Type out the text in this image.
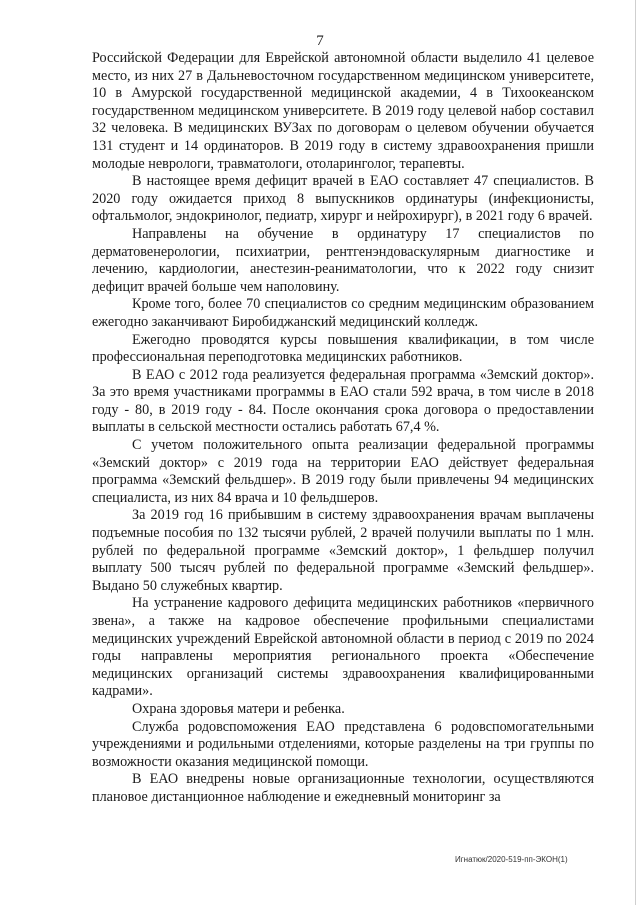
7

Российской Федерации для Еврейской автономной области выделило 41 целевое место, из них 27 в Дальневосточном государственном медицинском университете, 10 в Амурской государственной медицинской академии, 4 в Тихоокеанском государственном медицинском университете. В 2019 году целевой набор составил 32 человека. В медицинских ВУЗах по договорам о целевом обучении обучается 131 студент и 14 ординаторов. В 2019 году в систему здравоохранения пришли молодые неврологи, травматологи, отоларинголог, терапевты.

В настоящее время дефицит врачей в ЕАО составляет 47 специалистов. В 2020 году ожидается приход 8 выпускников ординатуры (инфекционисты, офтальмолог, эндокринолог, педиатр, хирург и нейрохирург), в 2021 году 6 врачей.

Направлены на обучение в ординатуру 17 специалистов по дерматовенерологии, психиатрии, рентгенэндоваскулярным диагностике и лечению, кардиологии, анестезин-реаниматологии, что к 2022 году снизит дефицит врачей больше чем наполовину.

Кроме того, более 70 специалистов со средним медицинским образованием ежегодно заканчивают Биробиджанский медицинский колледж.

Ежегодно проводятся курсы повышения квалификации, в том числе профессиональная переподготовка медицинских работников.

В ЕАО с 2012 года реализуется федеральная программа «Земский доктор». За это время участниками программы в ЕАО стали 592 врача, в том числе в 2018 году - 80, в 2019 году - 84. После окончания срока договора о предоставлении выплаты в сельской местности остались работать 67,4 %.

С учетом положительного опыта реализации федеральной программы «Земский доктор» с 2019 года на территории ЕАО действует федеральная программа «Земский фельдшер». В 2019 году были привлечены 94 медицинских специалиста, из них 84 врача и 10 фельдшеров.

За 2019 год 16 прибывшим в систему здравоохранения врачам выплачены подъемные пособия по 132 тысячи рублей, 2 врачей получили выплаты по 1 млн. рублей по федеральной программе «Земский доктор», 1 фельдшер получил выплату 500 тысяч рублей по федеральной программе «Земский фельдшер». Выдано 50 служебных квартир.

На устранение кадрового дефицита медицинских работников «первичного звена», а также на кадровое обеспечение профильными специалистами медицинских учреждений Еврейской автономной области в период с 2019 по 2024 годы направлены мероприятия регионального проекта «Обеспечение медицинских организаций системы здравоохранения квалифицированными кадрами».

Охрана здоровья матери и ребенка.

Служба родовспоможения ЕАО представлена 6 родовспомогательными учреждениями и родильными отделениями, которые разделены на три группы по возможности оказания медицинской помощи.

В ЕАО внедрены новые организационные технологии, осуществляются плановое дистанционное наблюдение и ежедневный мониторинг за

Игнатюк/2020-519-пп-ЭКОН(1)
